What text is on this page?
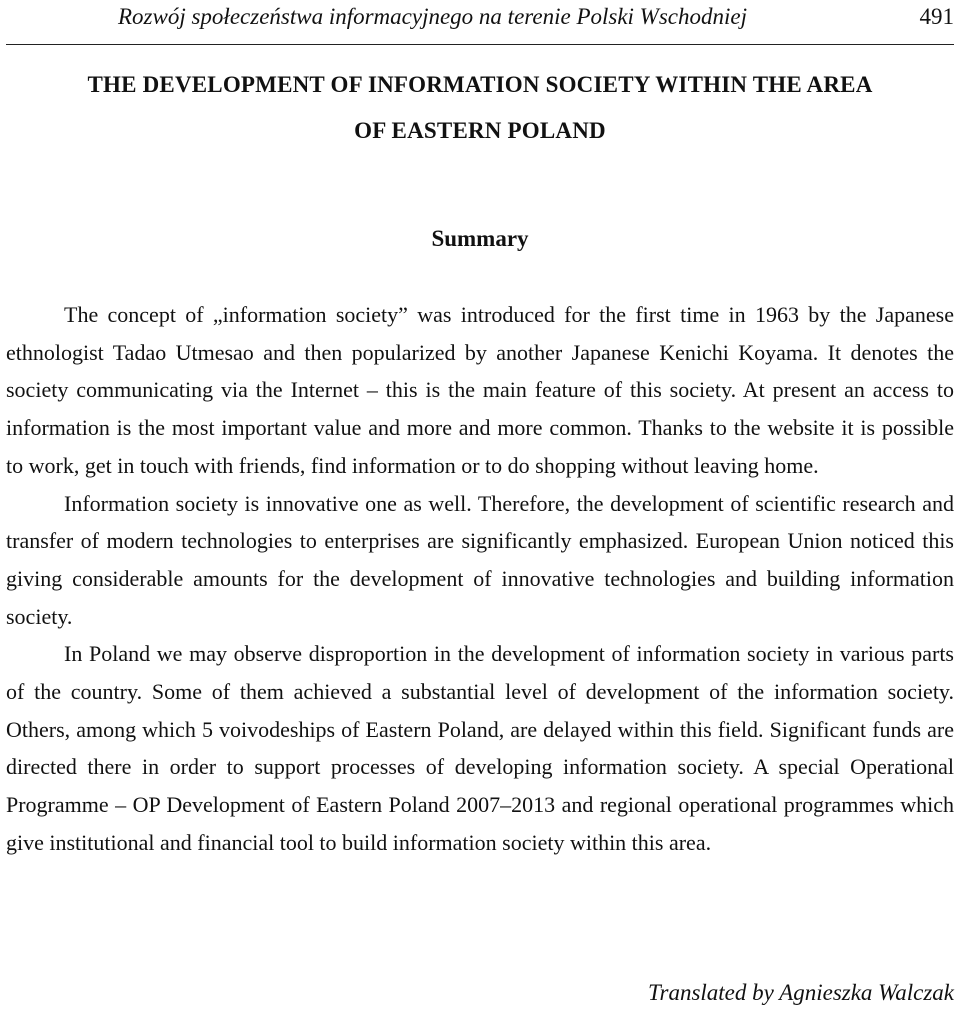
Rozwój społeczeństwa informacyjnego na terenie Polski Wschodniej	491
THE DEVELOPMENT OF INFORMATION SOCIETY WITHIN THE AREA
OF EASTERN POLAND
Summary

The concept of „information society” was introduced for the first time in 1963 by the Japanese ethnologist Tadao Utmesao and then popularized by another Japanese Kenichi Koyama. It denotes the society communicating via the Internet – this is the main feature of this society. At present an access to information is the most important value and more and more common. Thanks to the website it is possible to work, get in touch with friends, find information or to do shopping without leaving home.

Information society is innovative one as well. Therefore, the development of scientific research and transfer of modern technologies to enterprises are significantly emphasized. European Union noticed this giving considerable amounts for the development of innovative technologies and building information society.

In Poland we may observe disproportion in the development of information society in various parts of the country. Some of them achieved a substantial level of development of the information society. Others, among which 5 voivodeships of Eastern Poland, are delayed within this field. Significant funds are directed there in order to support processes of developing information society. A special Operational Programme – OP Development of Eastern Poland 2007–2013 and regional operational programmes which give institutional and financial tool to build information society within this area.

Translated by Agnieszka Walczak
